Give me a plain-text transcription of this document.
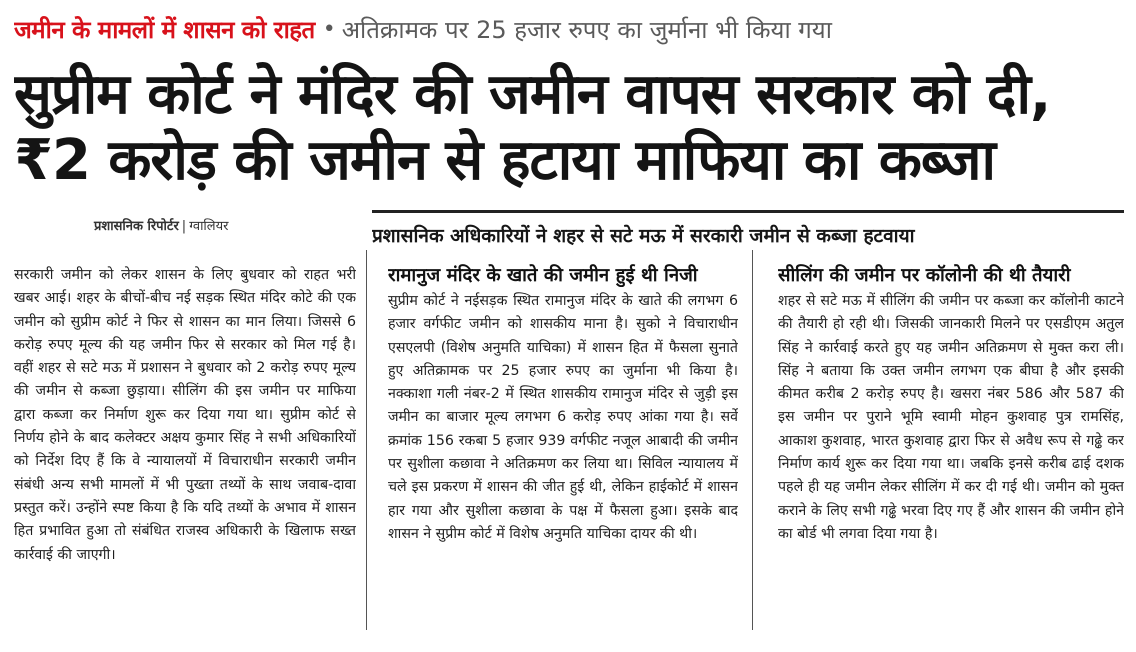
जमीन के मामलों में शासन को राहत • अतिक्रामक पर 25 हजार रुपए का जुर्माना भी किया गया
सुप्रीम कोर्ट ने मंदिर की जमीन वापस सरकार को दी,
₹2 करोड़ की जमीन से हटाया माफिया का कब्जा
प्रशासनिक रिपोर्टर | ग्वालियर	प्रशासनिक अधिकारियों ने शहर से सटे मऊ में सरकारी जमीन से कब्जा हटवाया
सरकारी जमीन को लेकर शासन के लिए बुधवार को राहत भरी खबर आई। शहर के बीचों-बीच नई सड़क स्थित मंदिर कोटे की एक जमीन को सुप्रीम कोर्ट ने फिर से शासन का मान लिया। जिससे 6 करोड़ रुपए मूल्य की यह जमीन फिर से सरकार को मिल गई है। वहीं शहर से सटे मऊ में प्रशासन ने बुधवार को 2 करोड़ रुपए मूल्य की जमीन से कब्जा छुड़ाया। सीलिंग की इस जमीन पर माफिया द्वारा कब्जा कर निर्माण शुरू कर दिया गया था। सुप्रीम कोर्ट से निर्णय होने के बाद कलेक्टर अक्षय कुमार सिंह ने सभी अधिकारियों को निर्देश दिए हैं कि वे न्यायालयों में विचाराधीन सरकारी जमीन संबंधी अन्य सभी मामलों में भी पुख्ता तथ्यों के साथ जवाब-दावा प्रस्तुत करें। उन्होंने स्पष्ट किया है कि यदि तथ्यों के अभाव में शासन हित प्रभावित हुआ तो संबंधित राजस्व अधिकारी के खिलाफ सख्त कार्रवाई की जाएगी।
रामानुज मंदिर के खाते की जमीन हुई थी निजी
सुप्रीम कोर्ट ने नईसड़क स्थित रामानुज मंदिर के खाते की लगभग 6 हजार वर्गफीट जमीन को शासकीय माना है। सुको ने विचाराधीन एसएलपी (विशेष अनुमति याचिका) में शासन हित में फैसला सुनाते हुए अतिक्रामक पर 25 हजार रुपए का जुर्माना भी किया है। नक्काशा गली नंबर-2 में स्थित शासकीय रामानुज मंदिर से जुड़ी इस जमीन का बाजार मूल्य लगभग 6 करोड़ रुपए आंका गया है। सर्वे क्रमांक 156 रकबा 5 हजार 939 वर्गफीट नजूल आबादी की जमीन पर सुशीला कछावा ने अतिक्रमण कर लिया था। सिविल न्यायालय में चले इस प्रकरण में शासन की जीत हुई थी, लेकिन हाईकोर्ट में शासन हार गया और सुशीला कछावा के पक्ष में फैसला हुआ। इसके बाद शासन ने सुप्रीम कोर्ट में विशेष अनुमति याचिका दायर की थी।
सीलिंग की जमीन पर कॉलोनी की थी तैयारी
शहर से सटे मऊ में सीलिंग की जमीन पर कब्जा कर कॉलोनी काटने की तैयारी हो रही थी। जिसकी जानकारी मिलने पर एसडीएम अतुल सिंह ने कार्रवाई करते हुए यह जमीन अतिक्रमण से मुक्त करा ली। सिंह ने बताया कि उक्त जमीन लगभग एक बीघा है और इसकी कीमत करीब 2 करोड़ रुपए है। खसरा नंबर 586 और 587 की इस जमीन पर पुराने भूमि स्वामी मोहन कुशवाह पुत्र रामसिंह, आकाश कुशवाह, भारत कुशवाह द्वारा फिर से अवैध रूप से गढ्ढे कर निर्माण कार्य शुरू कर दिया गया था। जबकि इनसे करीब ढाई दशक पहले ही यह जमीन लेकर सीलिंग में कर दी गई थी। जमीन को मुक्त कराने के लिए सभी गढ्ढे भरवा दिए गए हैं और शासन की जमीन होने का बोर्ड भी लगवा दिया गया है।
